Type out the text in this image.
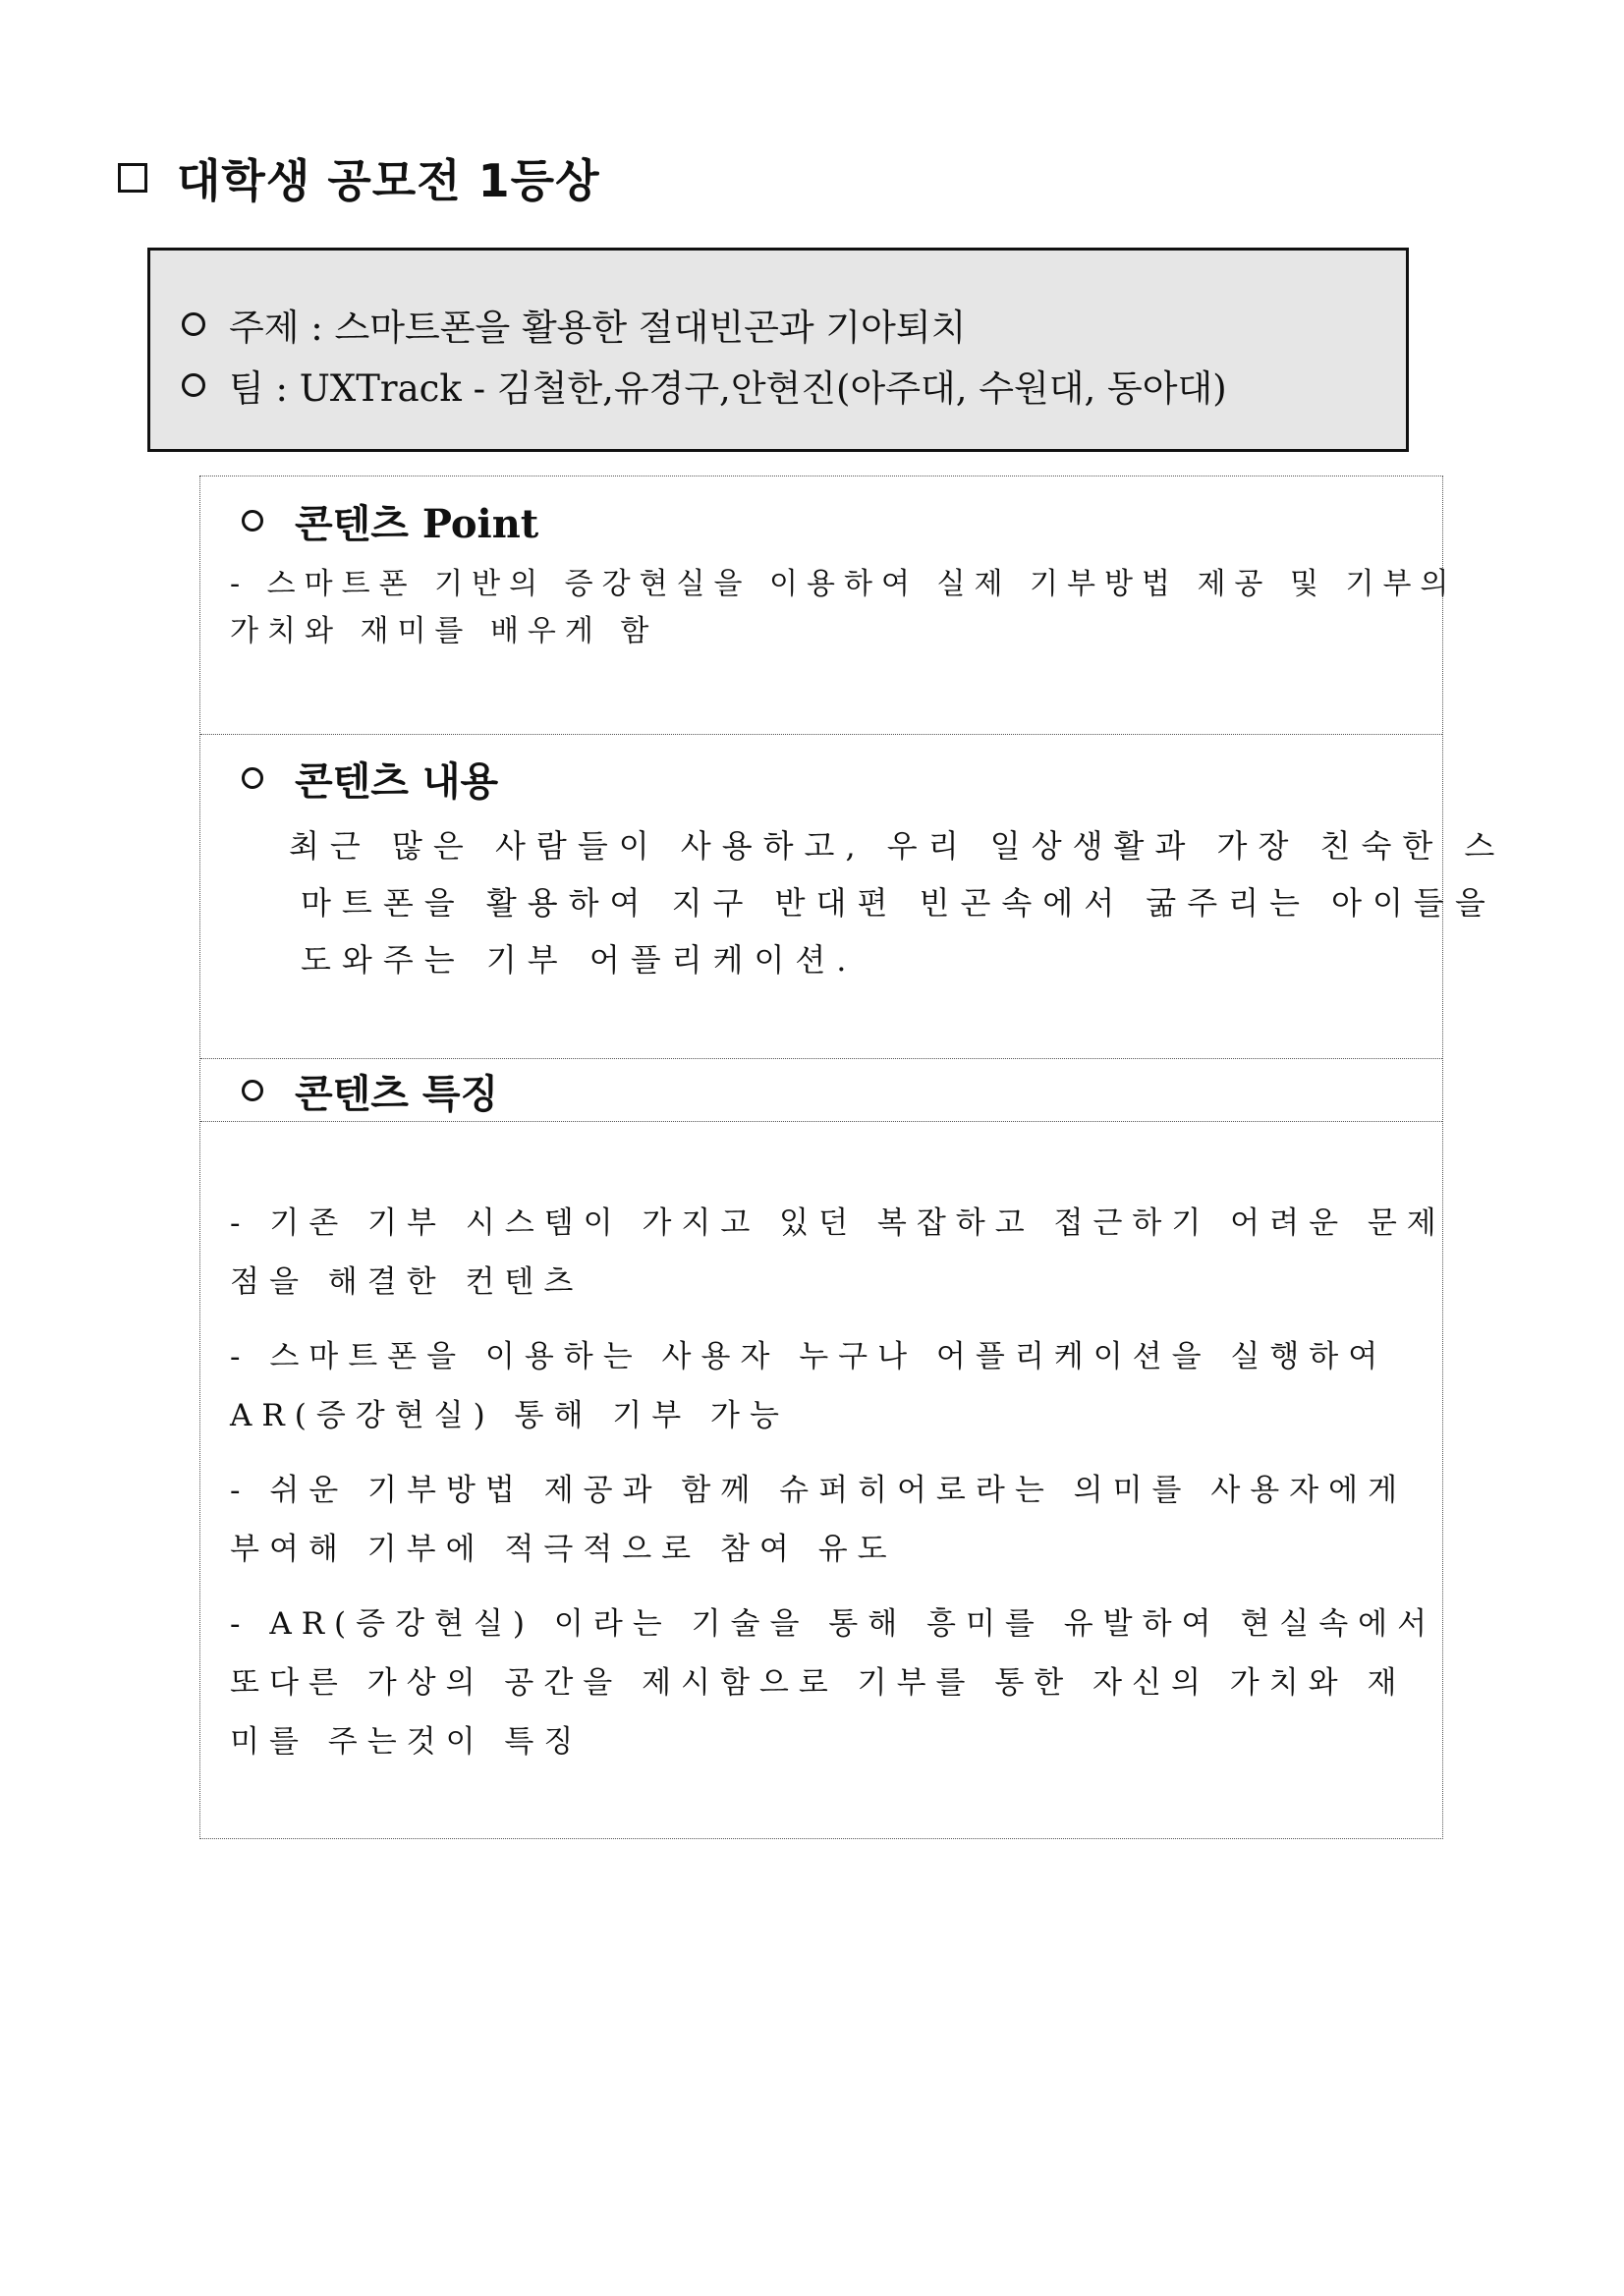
대학생 공모전 1등상
주제 : 스마트폰을 활용한 절대빈곤과 기아퇴치
팀 : UXTrack - 김철한,유경구,안현진(아주대, 수원대, 동아대)
콘텐츠 Point
- 스마트폰 기반의 증강현실을 이용하여 실제 기부방법 제공 및 기부의
가치와 재미를 배우게 함
콘텐츠 내용
최근 많은 사람들이 사용하고, 우리 일상생활과 가장 친숙한 스
마트폰을 활용하여 지구 반대편 빈곤속에서 굶주리는 아이들을
도와주는 기부 어플리케이션.
콘텐츠 특징
- 기존 기부 시스템이 가지고 있던 복잡하고 접근하기 어려운 문제
점을 해결한 컨텐츠
- 스마트폰을 이용하는 사용자 누구나 어플리케이션을 실행하여
AR(증강현실) 통해 기부 가능
- 쉬운 기부방법 제공과 함께 슈퍼히어로라는 의미를 사용자에게
부여해 기부에 적극적으로 참여 유도
- AR(증강현실) 이라는 기술을 통해 흥미를 유발하여 현실속에서
또다른 가상의 공간을 제시함으로 기부를 통한 자신의 가치와 재
미를 주는것이 특징
